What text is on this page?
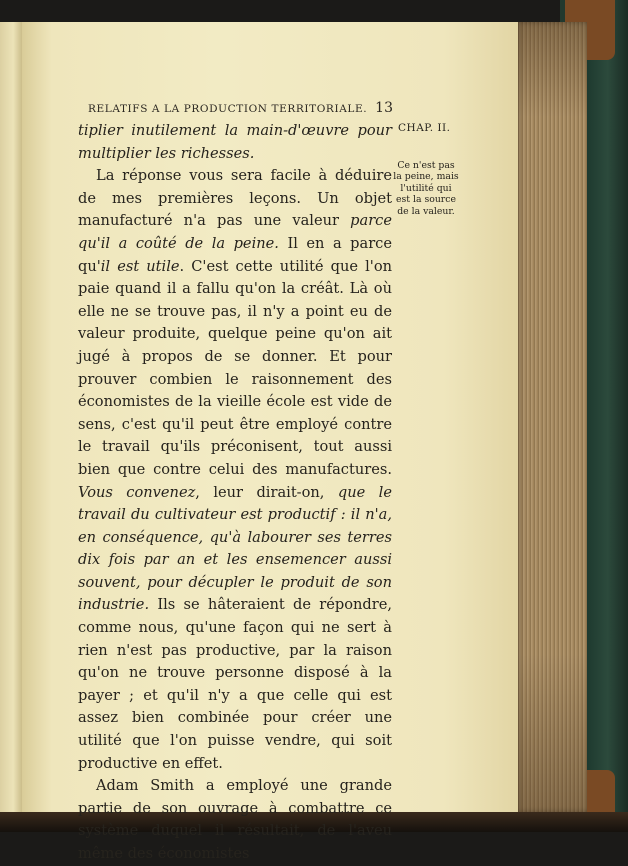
RELATIFS A LA PRODUCTION TERRITORIALE. 13
CHAP. II.
Ce n'est pas la peine, mais l'utilité qui est la source de la valeur.

tiplier inutilement la main-d'œuvre pour multiplier les richesses.

La réponse vous sera facile à déduire de mes premières leçons. Un objet manufacturé n'a pas une valeur parce qu'il a coûté de la peine. Il en a parce qu'il est utile. C'est cette utilité que l'on paie quand il a fallu qu'on la créât. Là où elle ne se trouve pas, il n'y a point eu de valeur produite, quelque peine qu'on ait jugé à propos de se donner. Et pour prouver combien le raisonnement des économistes de la vieille école est vide de sens, c'est qu'il peut être employé contre le travail qu'ils préconisent, tout aussi bien que contre celui des manufactures. Vous convenez, leur dirait-on, que le travail du cultivateur est productif : il n'a, en conséquence, qu'à labourer ses terres dix fois par an et les ensemencer aussi souvent, pour décupler le produit de son industrie. Ils se hâteraient de répondre, comme nous, qu'une façon qui ne sert à rien n'est pas productive, par la raison qu'on ne trouve personne disposé à la payer ; et qu'il n'y a que celle qui est assez bien combinée pour créer une utilité que l'on puisse vendre, qui soit productive en effet.

Adam Smith a employé une grande partie de son ouvrage à combattre ce système duquel il résultait, de l'aveu même des économistes
